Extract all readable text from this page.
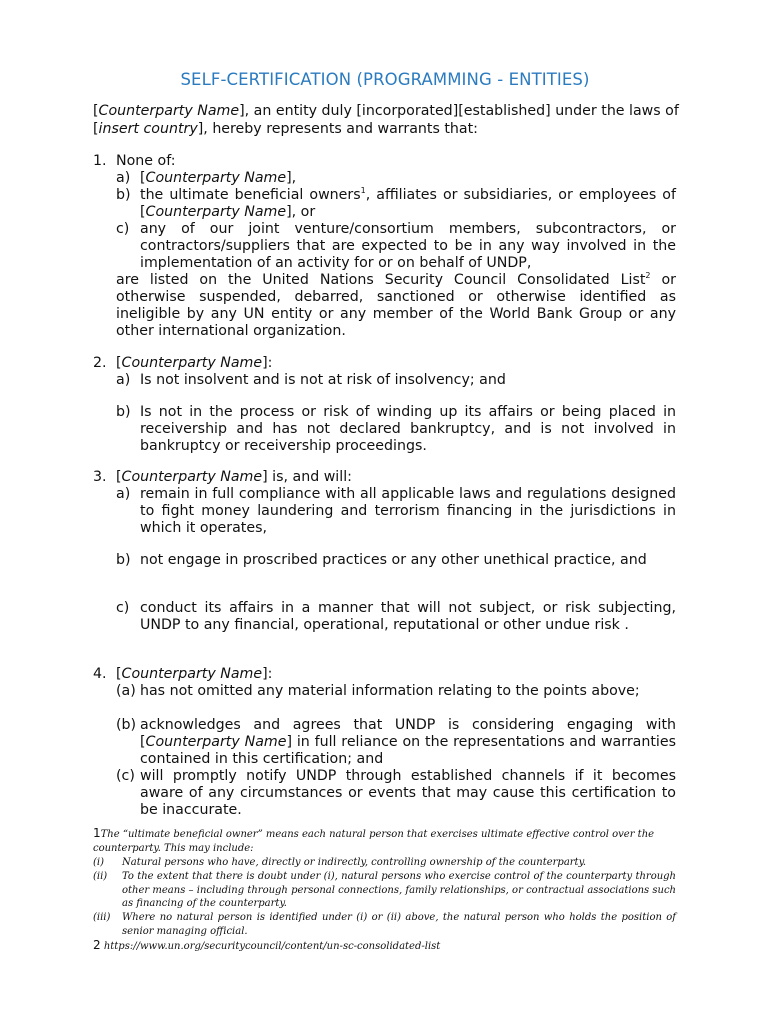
SELF-CERTIFICATION (PROGRAMMING - ENTITIES)
[Counterparty Name], an entity duly [incorporated][established] under the laws of [insert country], hereby represents and warrants that:
1. None of:
a) [Counterparty Name],
b) the ultimate beneficial owners$^1$, affiliates or subsidiaries, or employees of [Counterparty Name], or
c) any of our joint venture/consortium members, subcontractors, or contractors/suppliers that are expected to be in any way involved in the implementation of an activity for or on behalf of UNDP,
are listed on the United Nations Security Council Consolidated List$^2$ or otherwise suspended, debarred, sanctioned or otherwise identified as ineligible by any UN entity or any member of the World Bank Group or any other international organization.
2. [Counterparty Name]:
a) Is not insolvent and is not at risk of insolvency; and
b) Is not in the process or risk of winding up its affairs or being placed in receivership and has not declared bankruptcy, and is not involved in bankruptcy or receivership proceedings.
3. [Counterparty Name] is, and will:
a) remain in full compliance with all applicable laws and regulations designed to fight money laundering and terrorism financing in the jurisdictions in which it operates,
b) not engage in proscribed practices or any other unethical practice, and
c) conduct its affairs in a manner that will not subject, or risk subjecting, UNDP to any financial, operational, reputational or other undue risk .
4. [Counterparty Name]:
(a) has not omitted any material information relating to the points above;
(b) acknowledges and agrees that UNDP is considering engaging with [Counterparty Name] in full reliance on the representations and warranties contained in this certification; and
(c) will promptly notify UNDP through established channels if it becomes aware of any circumstances or events that may cause this certification to be inaccurate.
1The “ultimate beneficial owner” means each natural person that exercises ultimate effective control over the counterparty. This may include:
(i) Natural persons who have, directly or indirectly, controlling ownership of the counterparty.
(ii) To the extent that there is doubt under (i), natural persons who exercise control of the counterparty through other means – including through personal connections, family relationships, or contractual associations such as financing of the counterparty.
(iii) Where no natural person is identified under (i) or (ii) above, the natural person who holds the position of senior managing official.
2 https://www.un.org/securitycouncil/content/un-sc-consolidated-list
